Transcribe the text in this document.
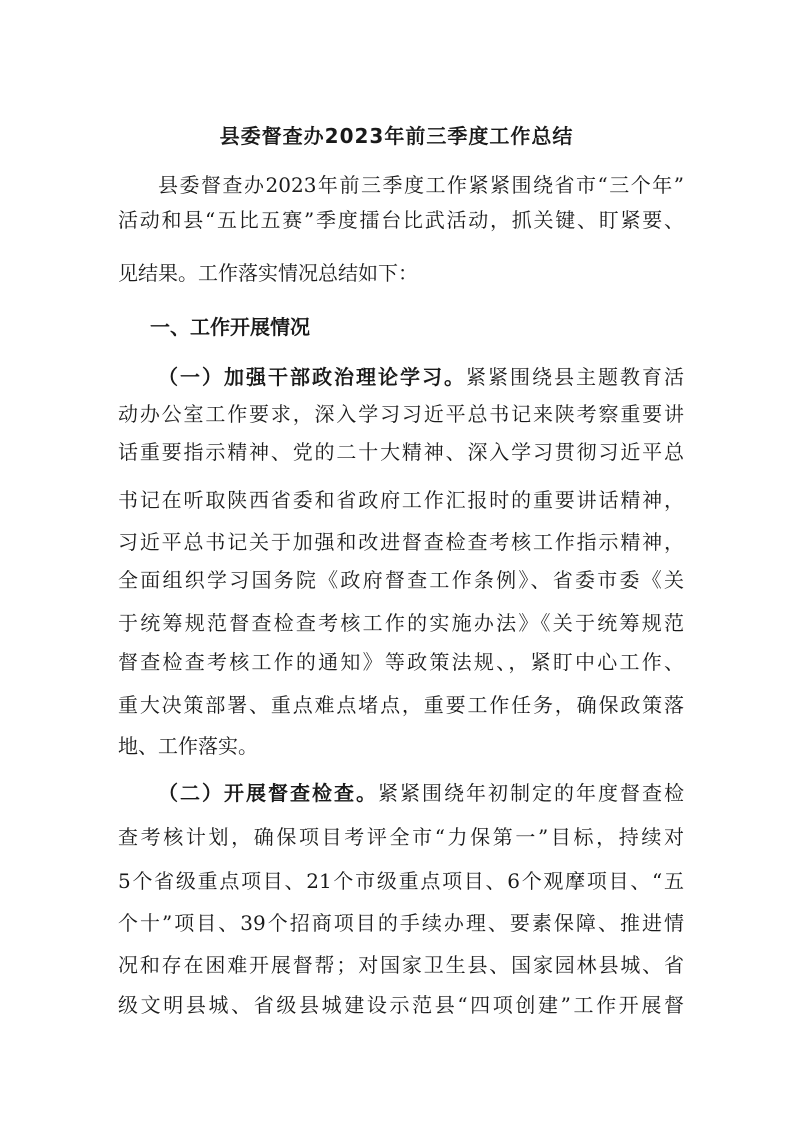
县委督查办2023年前三季度工作总结
县委督查办2023年前三季度工作紧紧围绕省市“三个年”
活动和县“五比五赛”季度擂台比武活动，抓关键、盯紧要、
见结果。工作落实情况总结如下：
一、工作开展情况
（一）加强干部政治理论学习。紧紧围绕县主题教育活
动办公室工作要求，深入学习习近平总书记来陕考察重要讲
话重要指示精神、党的二十大精神、深入学习贯彻习近平总
书记在听取陕西省委和省政府工作汇报时的重要讲话精神，
习近平总书记关于加强和改进督查检查考核工作指示精神，
全面组织学习国务院《政府督查工作条例》、省委市委《关
于统筹规范督查检查考核工作的实施办法》《关于统筹规范
督查检查考核工作的通知》等政策法规、，紧盯中心工作、
重大决策部署、重点难点堵点，重要工作任务，确保政策落
地、工作落实。
（二）开展督查检查。紧紧围绕年初制定的年度督查检
查考核计划，确保项目考评全市“力保第一”目标，持续对
5个省级重点项目、21个市级重点项目、6个观摩项目、“五
个十”项目、39个招商项目的手续办理、要素保障、推进情
况和存在困难开展督帮；对国家卫生县、国家园林县城、省
级文明县城、省级县城建设示范县“四项创建”工作开展督
